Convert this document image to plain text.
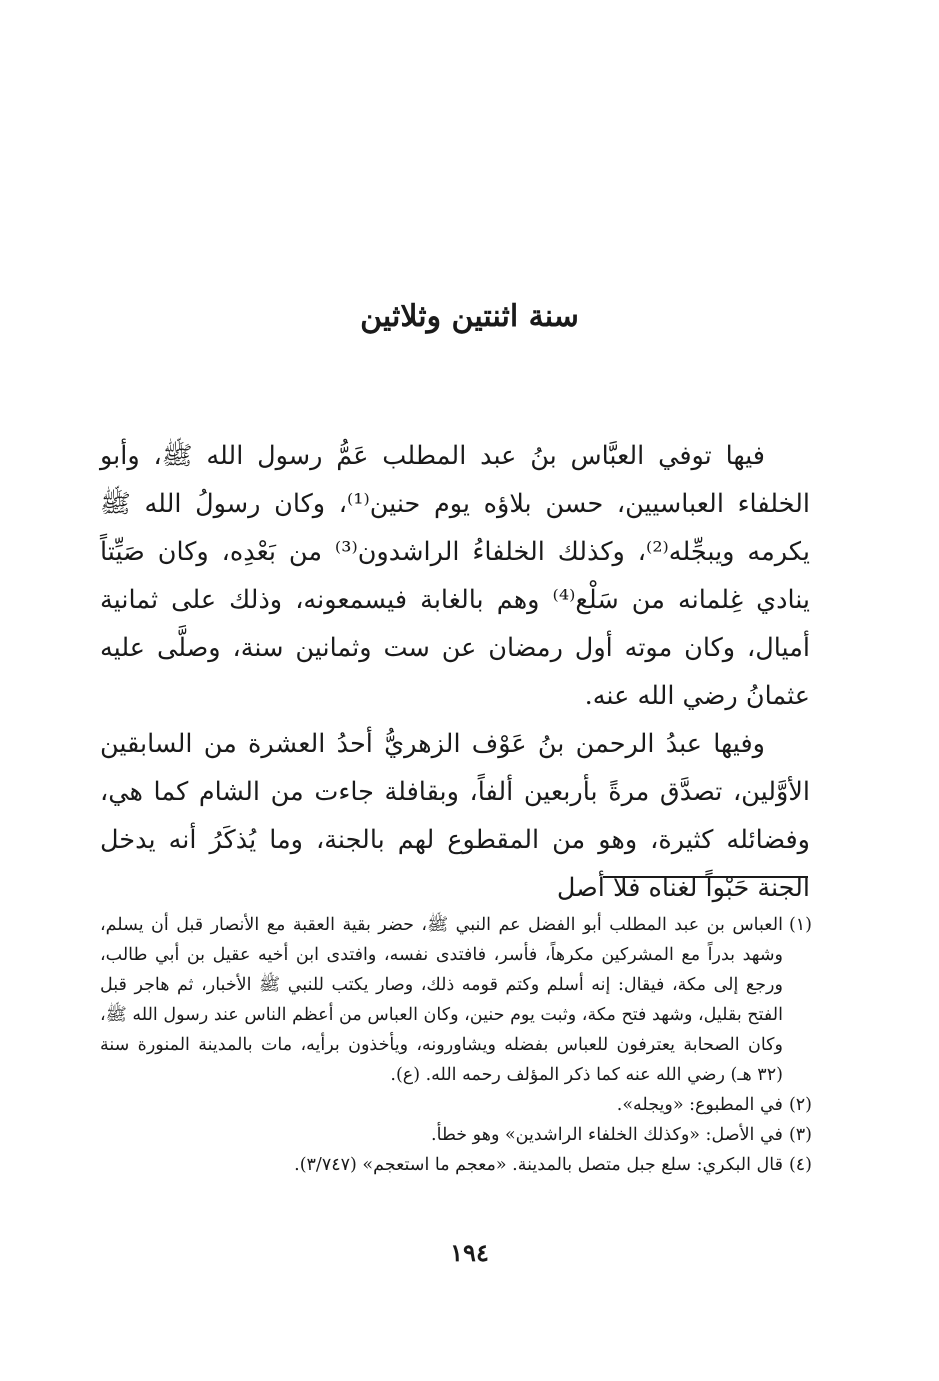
سنة اثنتين وثلاثين

فيها توفي العبَّاس بنُ عبد المطلب عَمُّ رسول الله ﷺ، وأبو الخلفاء العباسيين، حسن بلاؤه يوم حنين⁽¹⁾، وكان رسولُ الله ﷺ يكرمه ويبجِّله⁽²⁾، وكذلك الخلفاءُ الراشدون⁽³⁾ من بَعْدِه، وكان صَيِّتاً ينادي غِلمانه من سَلْع⁽⁴⁾ وهم بالغابة فيسمعونه، وذلك على ثمانية أميال، وكان موته أول رمضان عن ست وثمانين سنة، وصلَّى عليه عثمانُ رضي الله عنه.

وفيها عبدُ الرحمن بنُ عَوْف الزهريُّ أحدُ العشرة من السابقين الأوَّلين، تصدَّق مرةً بأربعين ألفاً، وبقافلة جاءت من الشام كما هي، وفضائله كثيرة، وهو من المقطوع لهم بالجنة، وما يُذكَرُ أنه يدخل الجنة حَبْواً لغناه فلا أصل

(١)
العباس بن عبد المطلب أبو الفضل عم النبي ﷺ، حضر بقية العقبة مع الأنصار قبل أن يسلم، وشهد بدراً مع المشركين مكرهاً، فأسر، فافتدى نفسه، وافتدى ابن أخيه عقيل بن أبي طالب، ورجع إلى مكة، فيقال: إنه أسلم وكتم قومه ذلك، وصار يكتب للنبي ﷺ الأخبار، ثم هاجر قبل الفتح بقليل، وشهد فتح مكة، وثبت يوم حنين، وكان العباس من أعظم الناس عند رسول الله ﷺ، وكان الصحابة يعترفون للعباس بفضله ويشاورونه، ويأخذون برأيه، مات بالمدينة المنورة سنة (٣٢ هـ) رضي الله عنه كما ذكر المؤلف رحمه الله. (ع).
(٢)
في المطبوع: «ويجله».
(٣)
في الأصل: «وكذلك الخلفاء الراشدين» وهو خطأ.
(٤)
قال البكري: سلع جبل متصل بالمدينة. «معجم ما استعجم» (٣/٧٤٧).
١٩٤
